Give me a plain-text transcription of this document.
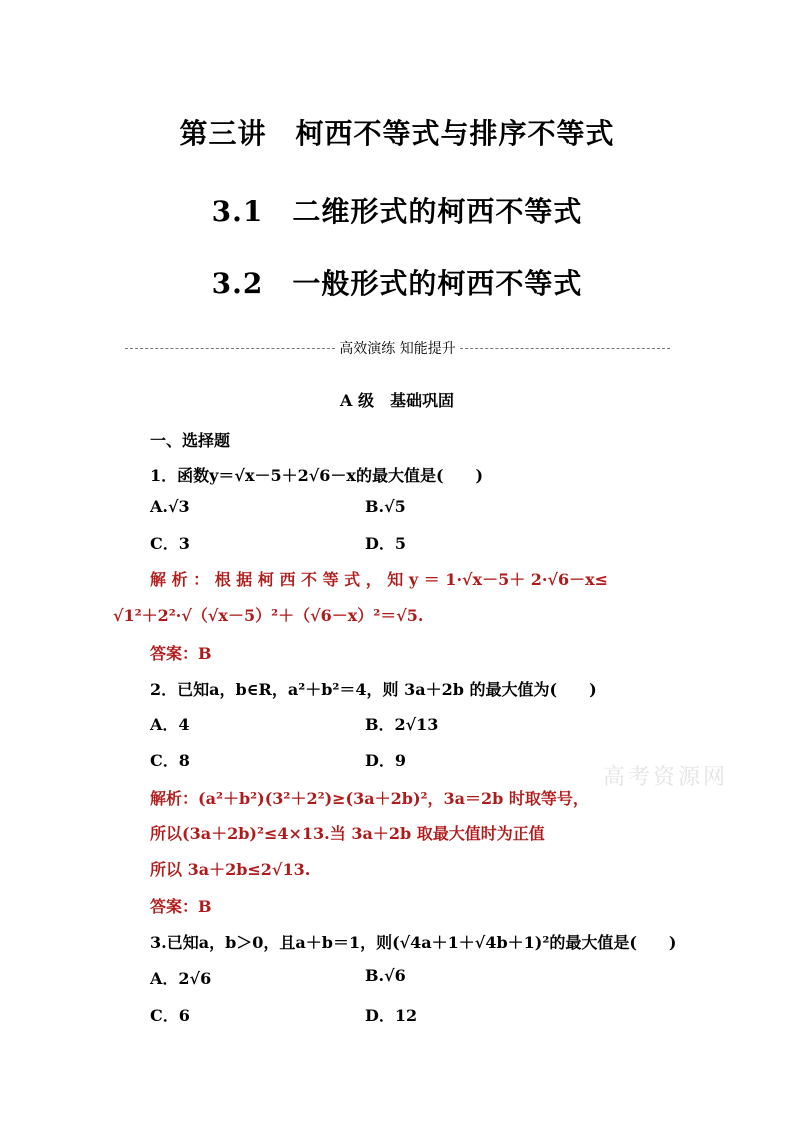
第三讲　柯西不等式与排序不等式
3.1　二维形式的柯西不等式
3.2　一般形式的柯西不等式
高效演练 知能提升
A 级　基础巩固
一、选择题
1．函数y＝√x－5＋2√6－x的最大值是(　　)
A.√3	B.√5
C．3	D．5
解 析 ： 根 据 柯 西 不 等 式 ， 知 y ＝ 1·√x－5＋ 2·√6－x≤
√1²＋2²·√（√x－5）²＋（√6－x）²＝√5.
答案：B
2．已知a，b∈R，a²＋b²＝4，则 3a＋2b 的最大值为(　　)
A．4	B．2√13
C．8	D．9
解析：(a²＋b²)(3²＋2²)≥(3a＋2b)²，3a＝2b 时取等号，
所以(3a＋2b)²≤4×13.当 3a＋2b 取最大值时为正值
所以 3a＋2b≤2√13.
答案：B
3.已知a，b＞0，且a＋b＝1，则(√4a＋1＋√4b＋1)²的最大值是(　　)
A．2√6	B.√6
C．6	D．12
高考资源网
